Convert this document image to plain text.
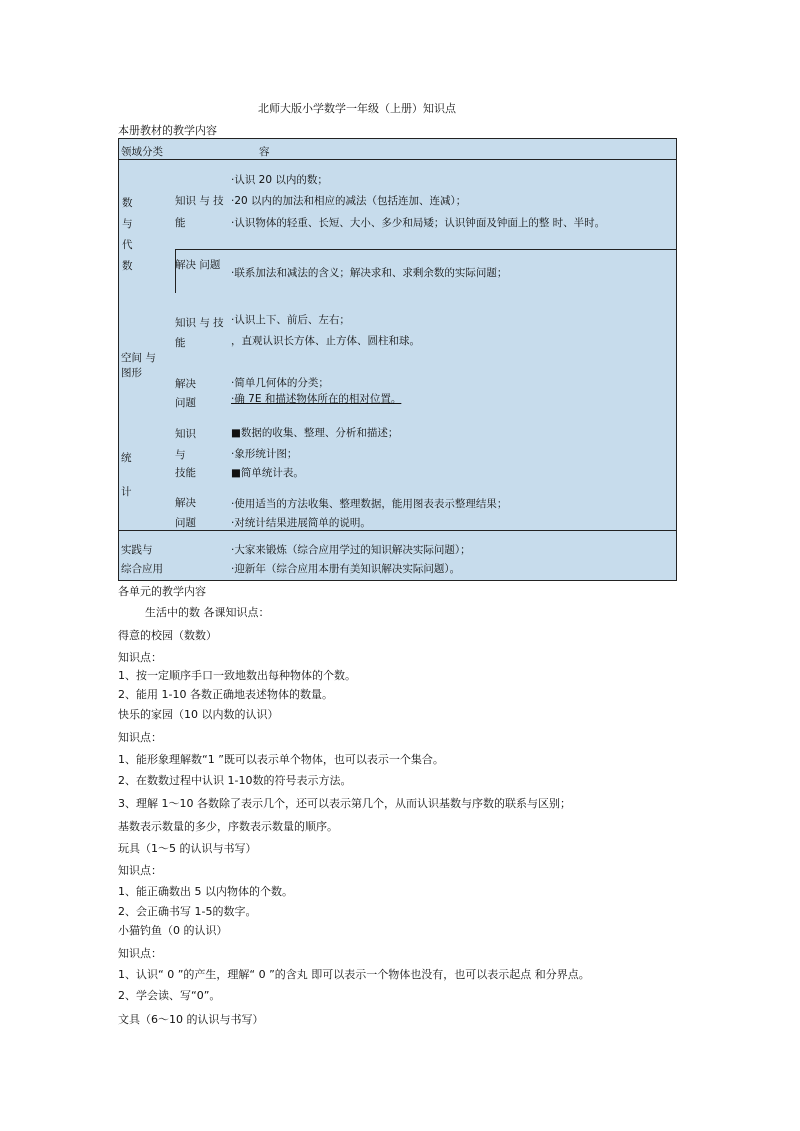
北师大版小学数学一年级（上册）知识点
本册教材的教学内容
领域分类	容
数
与
代
数
知识 与 技
能
·认识 20 以内的数；
·20 以内的加法和相应的减法（包括连加、连减）；
·认识物体的轻重、长短、大小、多少和局矮；认识钟面及钟面上的整 时、半时。
解决 问题
·联系加法和减法的含义；解决求和、求剩余数的实际问题；
空间 与
图形
知识 与 技
能
·认识上下、前后、左右；
，直观认识长方体、止方体、圆柱和球。
解决
问题
·简单几何体的分类；
·确 7E 和描述物体所在的相对位置。
统
计
知识
与
技能
■数据的收集、整理、分析和描述；
·象形统计图；
■简单统计表。
解决
问题
·使用适当的方法收集、整理数据，能用图表表示整理结果；
·对统计结果进展简单的说明。
实践与
综合应用
·大家来锻炼（综合应用学过的知识解决实际问题）；
·迎新年（综合应用本册有美知识解决实际问题）。
各单元的教学内容
生活中的数 各课知识点：
得意的校园（数数）
知识点：
1、按一定顺序手口一致地数出每种物体的个数。
2、能用 1-10 各数正确地表述物体的数量。
快乐的家园（10 以内数的认识）
知识点：
1、能形象理解数“1 ”既可以表示单个物体，也可以表示一个集合。
2、在数数过程中认识 1-10数的符号表示方法。
3、理解 1〜10 各数除了表示几个，还可以表示第几个，从而认识基数与序数的联系与区别；
基数表示数量的多少，序数表示数量的顺序。
玩具（1〜5 的认识与书写）
知识点：
1、能正确数出 5 以内物体的个数。
2、会正确书写 1-5的数字。
小猫钓鱼（0 的认识）
知识点：
1、认识“ 0 ”的产生，理解“ 0 ”的含丸 即可以表示一个物体也没有，也可以表示起点 和分界点。
2、学会读、写“0”。
文具（6〜10 的认识与书写）
